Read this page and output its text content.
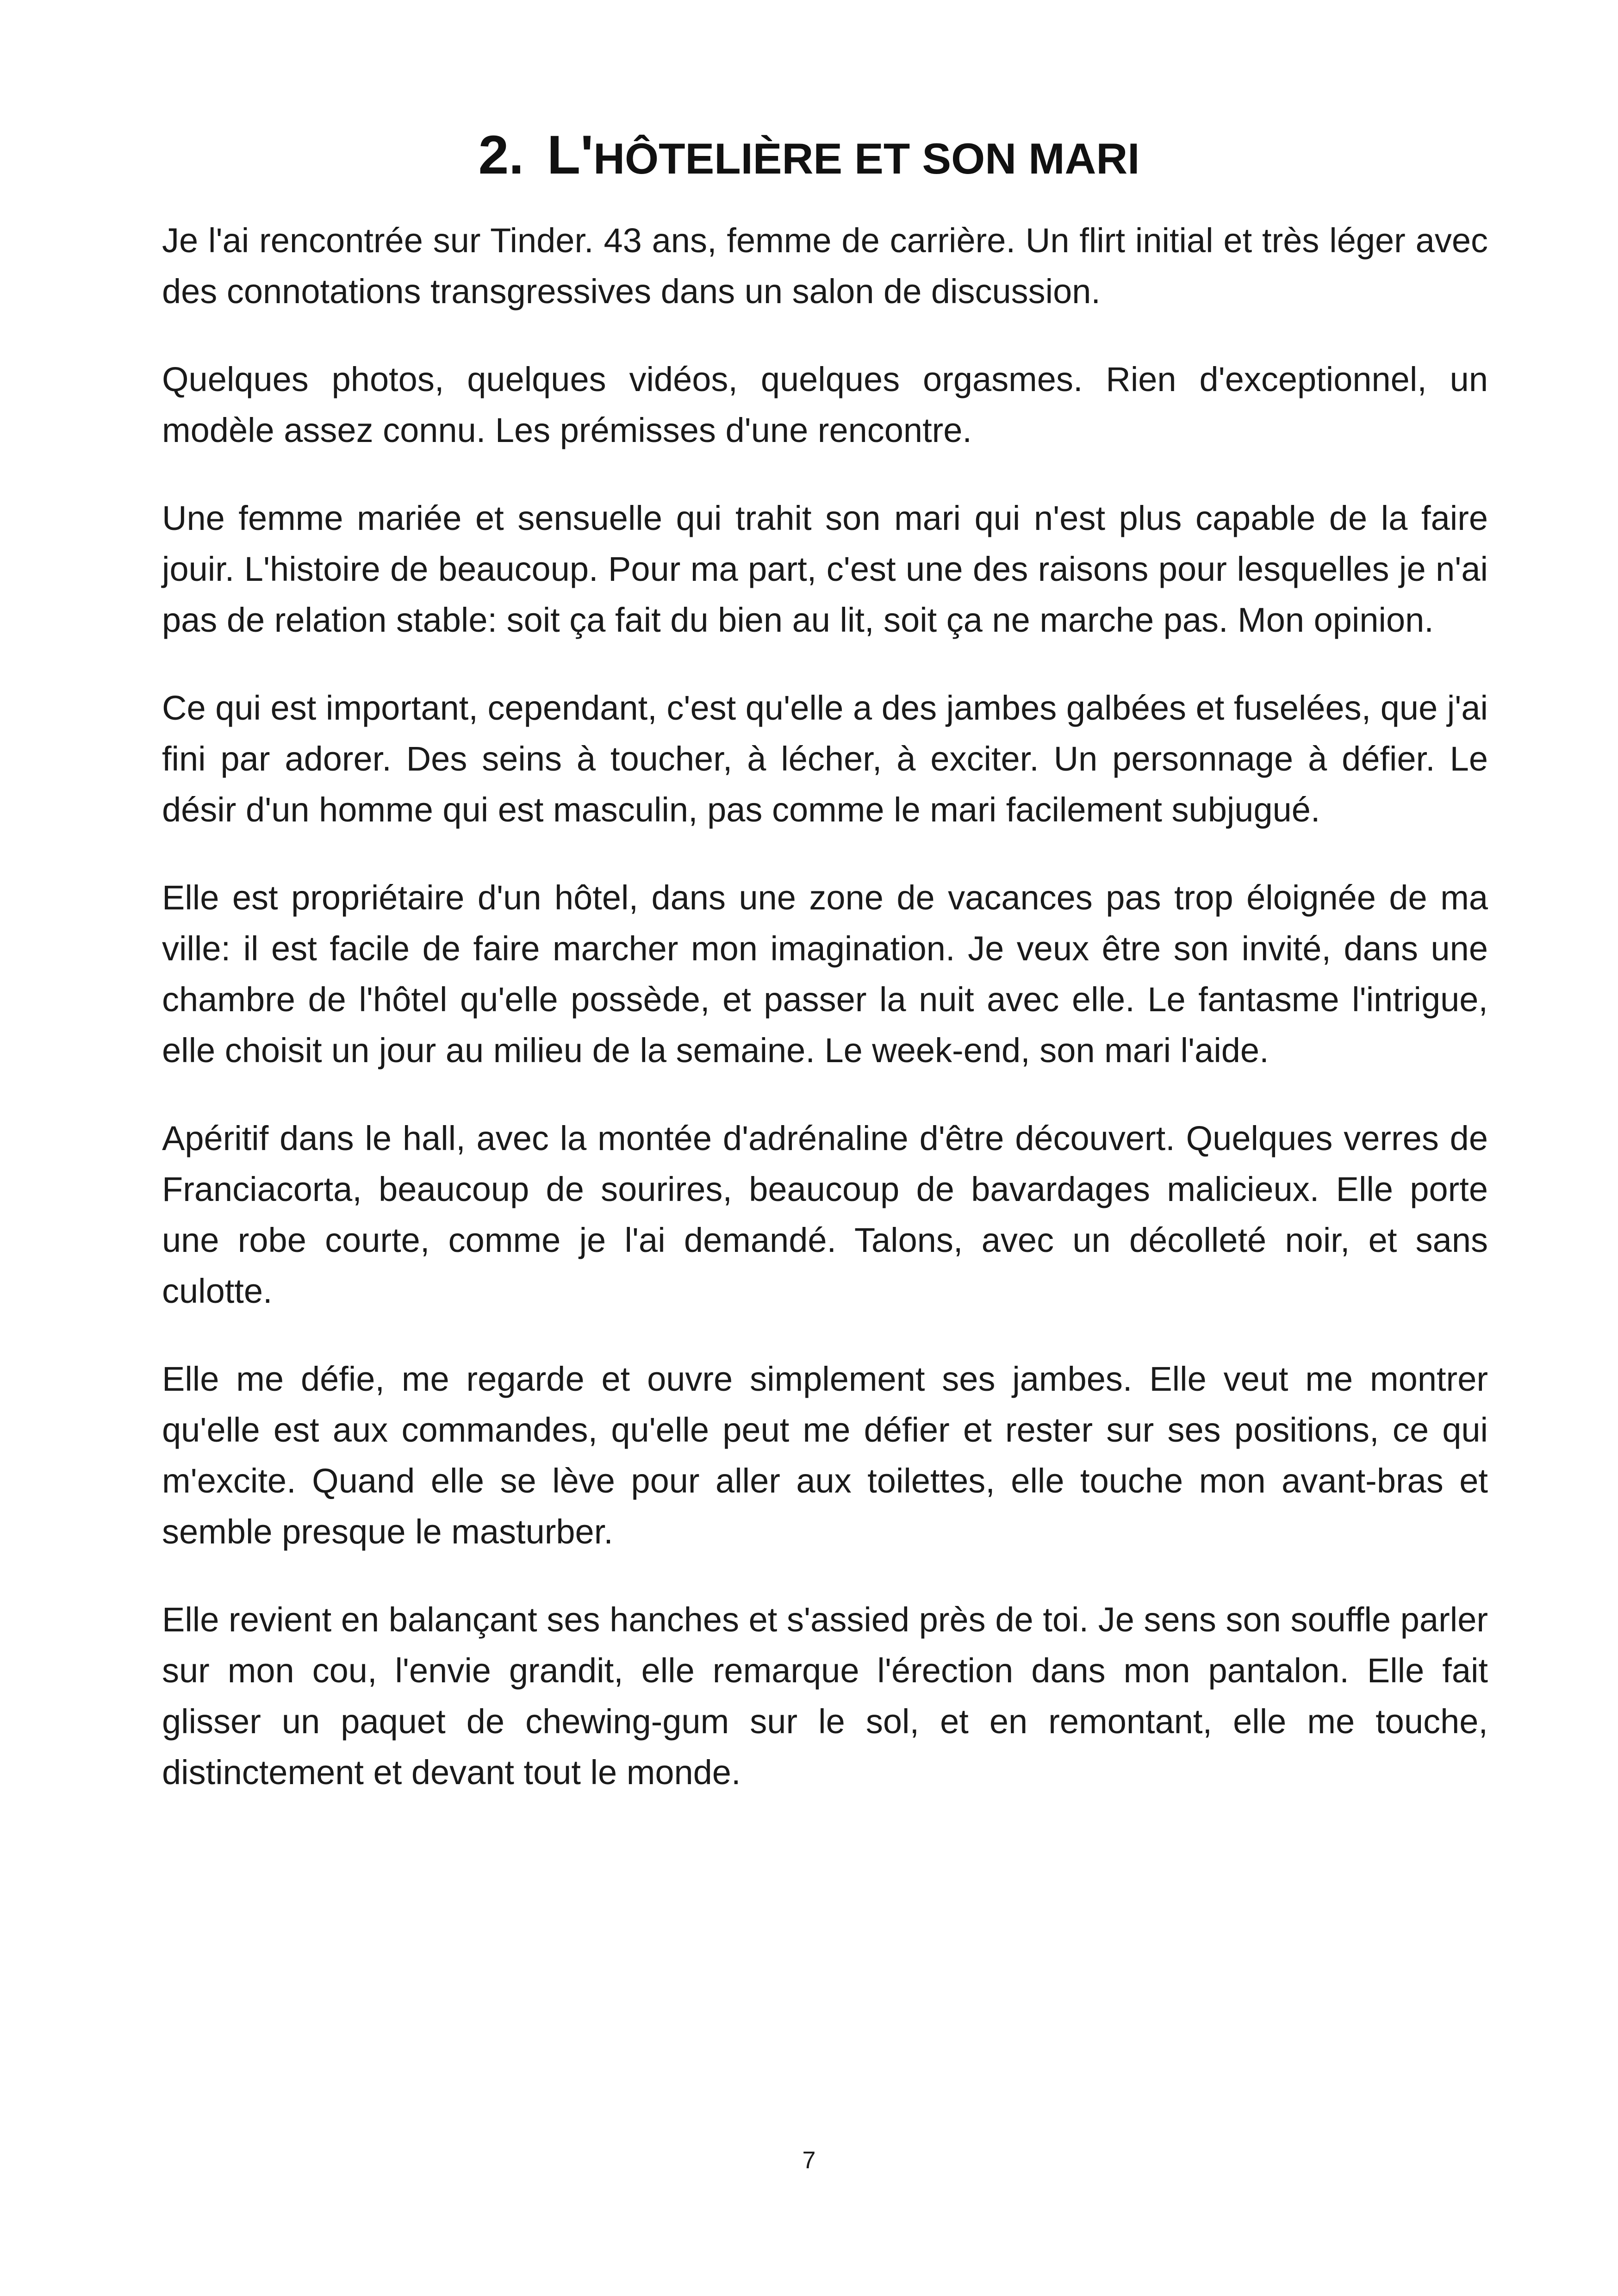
2. L'HÔTELIÈRE ET SON MARI

Je l'ai rencontrée sur Tinder. 43 ans, femme de carrière. Un flirt initial et très léger avec des connotations transgressives dans un salon de discussion.

Quelques photos, quelques vidéos, quelques orgasmes. Rien d'exceptionnel, un modèle assez connu. Les prémisses d'une rencontre.

Une femme mariée et sensuelle qui trahit son mari qui n'est plus capable de la faire jouir. L'histoire de beaucoup. Pour ma part, c'est une des raisons pour lesquelles je n'ai pas de relation stable: soit ça fait du bien au lit, soit ça ne marche pas. Mon opinion.

Ce qui est important, cependant, c'est qu'elle a des jambes galbées et fuselées, que j'ai fini par adorer. Des seins à toucher, à lécher, à exciter. Un personnage à défier. Le désir d'un homme qui est masculin, pas comme le mari facilement subjugué.

Elle est propriétaire d'un hôtel, dans une zone de vacances pas trop éloignée de ma ville: il est facile de faire marcher mon imagination. Je veux être son invité, dans une chambre de l'hôtel qu'elle possède, et passer la nuit avec elle. Le fantasme l'intrigue, elle choisit un jour au milieu de la semaine. Le week-end, son mari l'aide.

Apéritif dans le hall, avec la montée d'adrénaline d'être découvert. Quelques verres de Franciacorta, beaucoup de sourires, beaucoup de bavardages malicieux. Elle porte une robe courte, comme je l'ai demandé. Talons, avec un décolleté noir, et sans culotte.

Elle me défie, me regarde et ouvre simplement ses jambes. Elle veut me montrer qu'elle est aux commandes, qu'elle peut me défier et rester sur ses positions, ce qui m'excite. Quand elle se lève pour aller aux toilettes, elle touche mon avant-bras et semble presque le masturber.

Elle revient en balançant ses hanches et s'assied près de toi. Je sens son souffle parler sur mon cou, l'envie grandit, elle remarque l'érection dans mon pantalon. Elle fait glisser un paquet de chewing-gum sur le sol, et en remontant, elle me touche, distinctement et devant tout le monde.

7
